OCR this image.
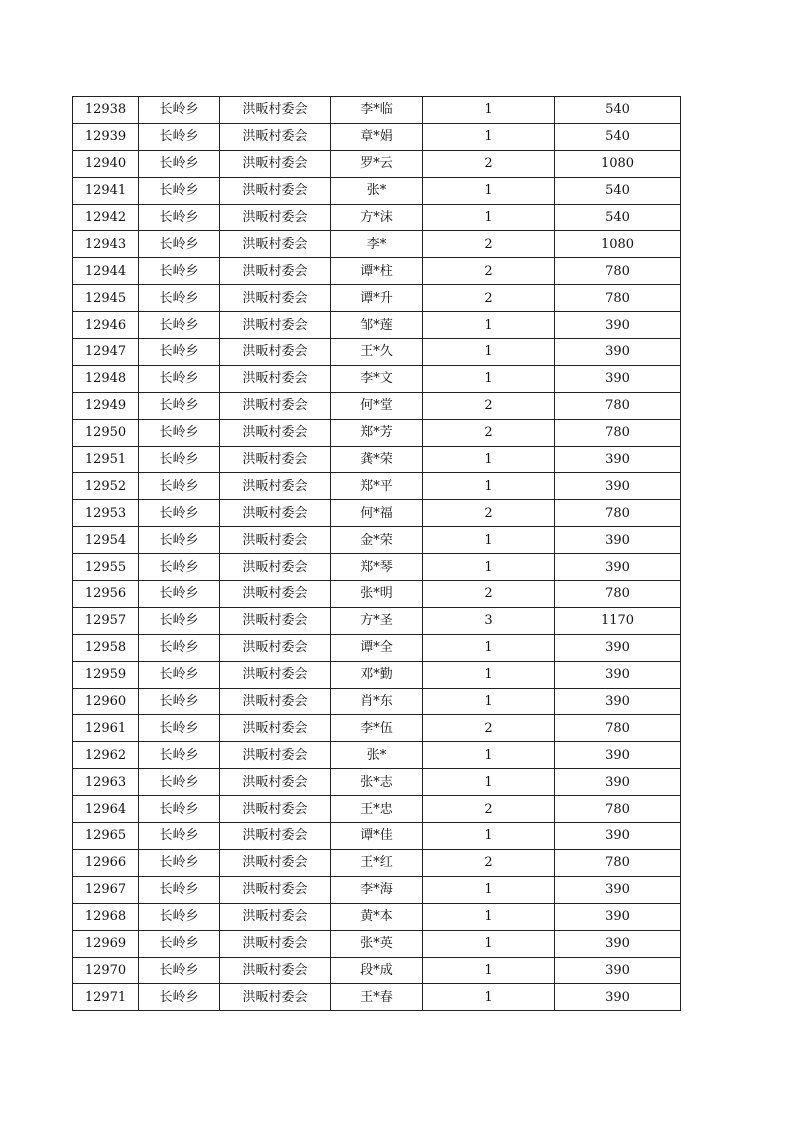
12938	长岭乡	洪畈村委会	李*临	1	540
12939	长岭乡	洪畈村委会	章*娟	1	540
12940	长岭乡	洪畈村委会	罗*云	2	1080
12941	长岭乡	洪畈村委会	张*	1	540
12942	长岭乡	洪畈村委会	方*沫	1	540
12943	长岭乡	洪畈村委会	李*	2	1080
12944	长岭乡	洪畈村委会	谭*柱	2	780
12945	长岭乡	洪畈村委会	谭*升	2	780
12946	长岭乡	洪畈村委会	邹*莲	1	390
12947	长岭乡	洪畈村委会	王*久	1	390
12948	长岭乡	洪畈村委会	李*文	1	390
12949	长岭乡	洪畈村委会	何*堂	2	780
12950	长岭乡	洪畈村委会	郑*芳	2	780
12951	长岭乡	洪畈村委会	龚*荣	1	390
12952	长岭乡	洪畈村委会	郑*平	1	390
12953	长岭乡	洪畈村委会	何*福	2	780
12954	长岭乡	洪畈村委会	金*荣	1	390
12955	长岭乡	洪畈村委会	郑*琴	1	390
12956	长岭乡	洪畈村委会	张*明	2	780
12957	长岭乡	洪畈村委会	方*圣	3	1170
12958	长岭乡	洪畈村委会	谭*全	1	390
12959	长岭乡	洪畈村委会	邓*勤	1	390
12960	长岭乡	洪畈村委会	肖*东	1	390
12961	长岭乡	洪畈村委会	李*伍	2	780
12962	长岭乡	洪畈村委会	张*	1	390
12963	长岭乡	洪畈村委会	张*志	1	390
12964	长岭乡	洪畈村委会	王*忠	2	780
12965	长岭乡	洪畈村委会	谭*佳	1	390
12966	长岭乡	洪畈村委会	王*红	2	780
12967	长岭乡	洪畈村委会	李*海	1	390
12968	长岭乡	洪畈村委会	黄*本	1	390
12969	长岭乡	洪畈村委会	张*英	1	390
12970	长岭乡	洪畈村委会	段*成	1	390
12971	长岭乡	洪畈村委会	王*春	1	390
